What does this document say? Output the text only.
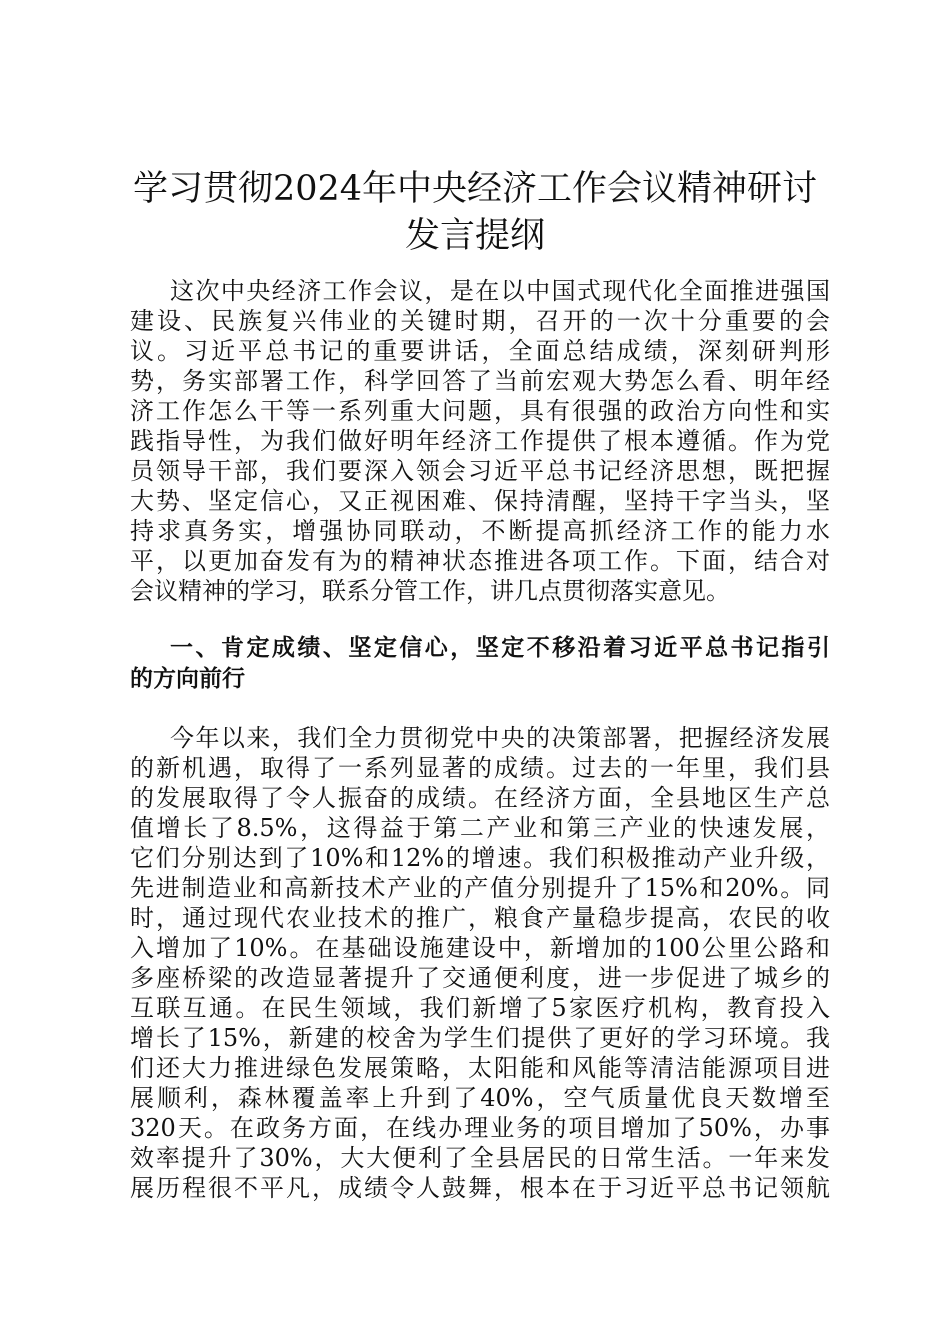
学习贯彻2024年中央经济工作会议精神研讨
发言提纲

这次中央经济工作会议，是在以中国式现代化全面推进强国

建设、民族复兴伟业的关键时期，召开的一次十分重要的会

议。习近平总书记的重要讲话，全面总结成绩，深刻研判形

势，务实部署工作，科学回答了当前宏观大势怎么看、明年经

济工作怎么干等一系列重大问题，具有很强的政治方向性和实

践指导性，为我们做好明年经济工作提供了根本遵循。作为党

员领导干部，我们要深入领会习近平总书记经济思想，既把握

大势、坚定信心，又正视困难、保持清醒，坚持干字当头，坚

持求真务实，增强协同联动，不断提高抓经济工作的能力水

平，以更加奋发有为的精神状态推进各项工作。下面，结合对

会议精神的学习，联系分管工作，讲几点贯彻落实意见。

一、肯定成绩、坚定信心，坚定不移沿着习近平总书记指引

的方向前行

今年以来，我们全力贯彻党中央的决策部署，把握经济发展

的新机遇，取得了一系列显著的成绩。过去的一年里，我们县

的发展取得了令人振奋的成绩。在经济方面，全县地区生产总

值增长了8.5%，这得益于第二产业和第三产业的快速发展，

它们分别达到了10%和12%的增速。我们积极推动产业升级，

先进制造业和高新技术产业的产值分别提升了15%和20%。同

时，通过现代农业技术的推广，粮食产量稳步提高，农民的收

入增加了10%。在基础设施建设中，新增加的100公里公路和

多座桥梁的改造显著提升了交通便利度，进一步促进了城乡的

互联互通。在民生领域，我们新增了5家医疗机构，教育投入

增长了15%，新建的校舍为学生们提供了更好的学习环境。我

们还大力推进绿色发展策略，太阳能和风能等清洁能源项目进

展顺利，森林覆盖率上升到了40%，空气质量优良天数增至

320天。在政务方面，在线办理业务的项目增加了50%，办事

效率提升了30%，大大便利了全县居民的日常生活。一年来发

展历程很不平凡，成绩令人鼓舞，根本在于习近平总书记领航
